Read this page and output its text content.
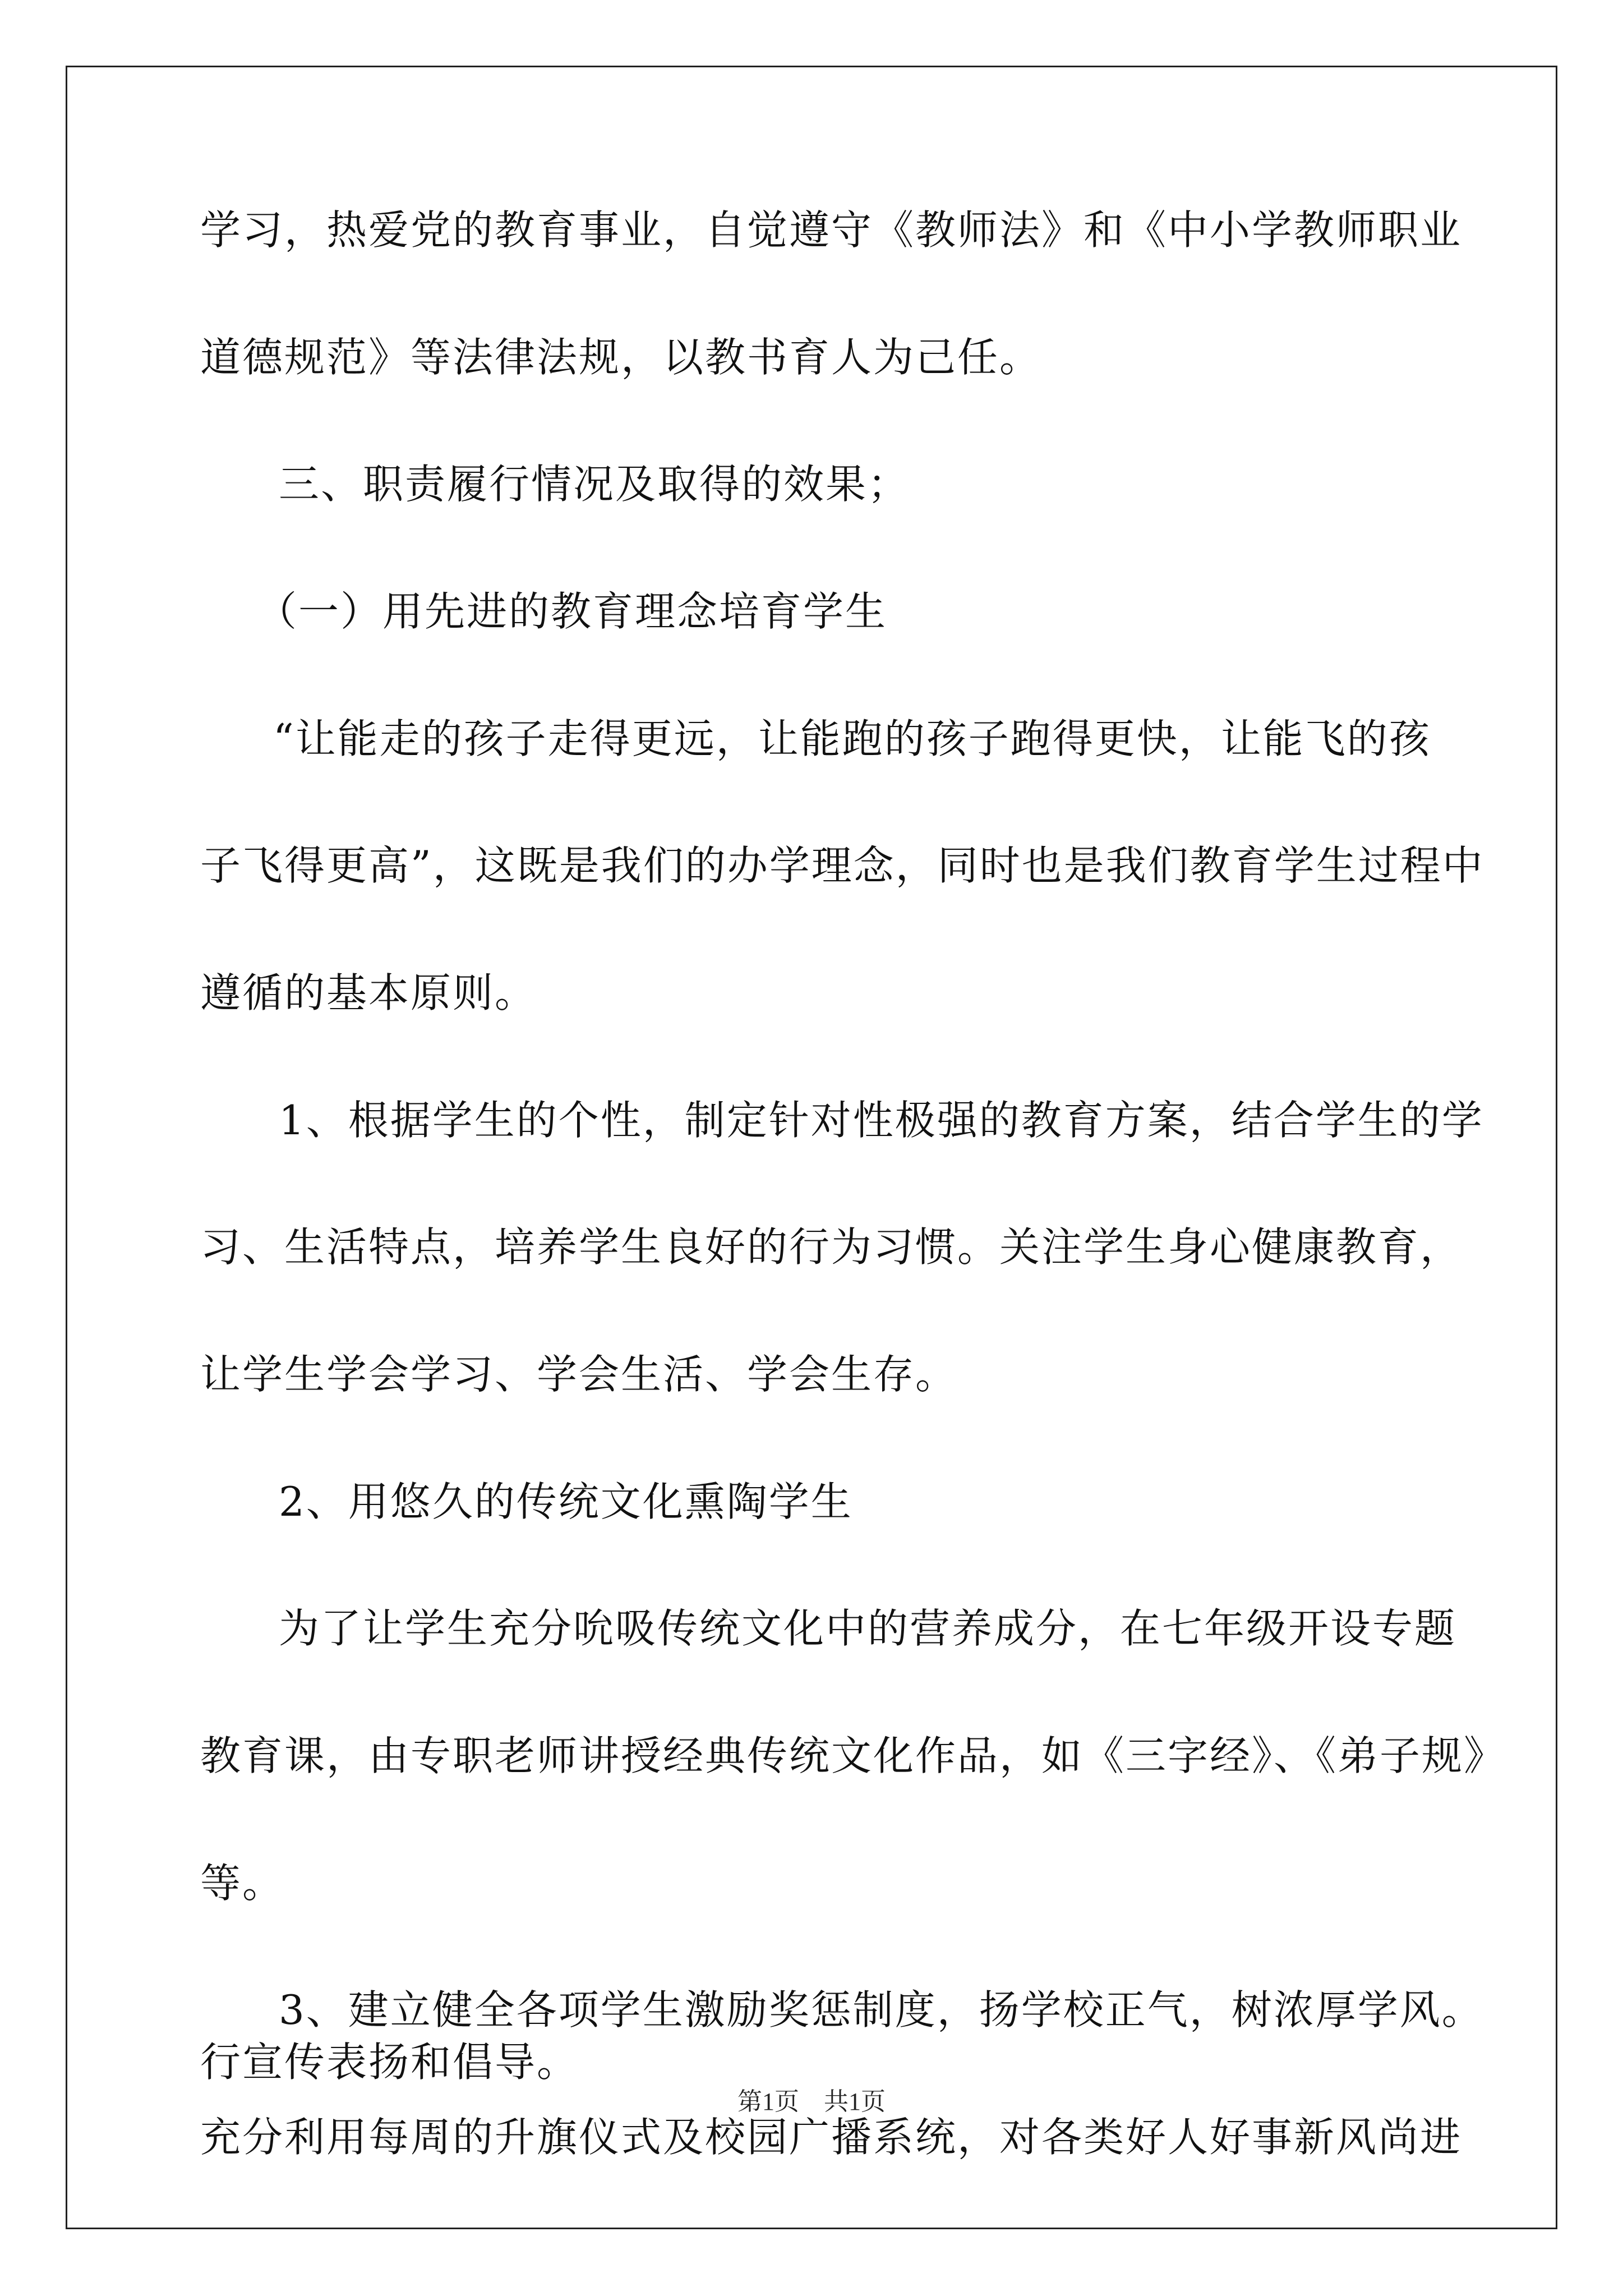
学习，热爱党的教育事业，自觉遵守《教师法》和《中小学教师职业
道德规范》等法律法规，以教书育人为己任。
三、职责履行情况及取得的效果；
（一）用先进的教育理念培育学生
“让能走的孩子走得更远，让能跑的孩子跑得更快，让能飞的孩
子飞得更高”，这既是我们的办学理念，同时也是我们教育学生过程中
遵循的基本原则。
1、根据学生的个性，制定针对性极强的教育方案，结合学生的学
习、生活特点，培养学生良好的行为习惯。关注学生身心健康教育，
让学生学会学习、学会生活、学会生存。
2、用悠久的传统文化熏陶学生
为了让学生充分吮吸传统文化中的营养成分，在七年级开设专题
教育课，由专职老师讲授经典传统文化作品，如《三字经》、《弟子规》
等。
3、建立健全各项学生激励奖惩制度，扬学校正气，树浓厚学风。
充分利用每周的升旗仪式及校园广播系统，对各类好人好事新风尚进
行宣传表扬和倡导。
第1页　共1页
